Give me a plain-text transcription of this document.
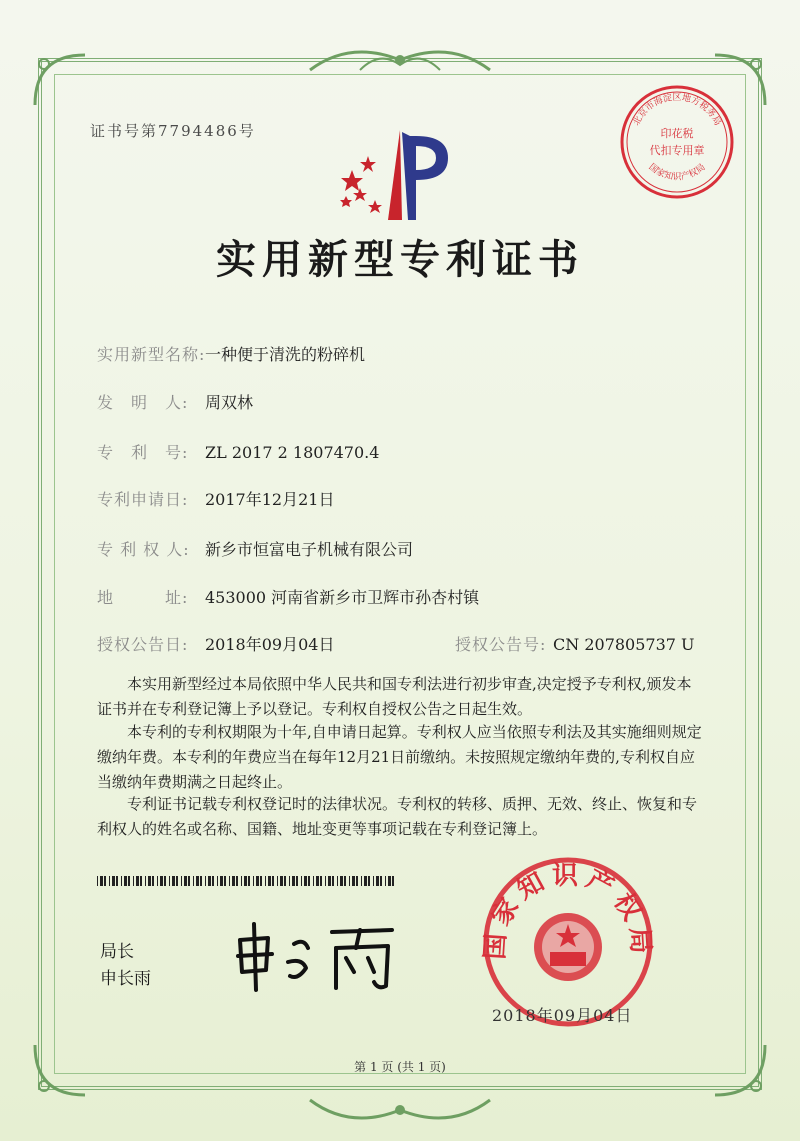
证书号第7794486号	印花税
代扣专用章
北京市海淀区地方税务局
国家知识产权局
实用新型专利证书
实用新型名称:一种便于清洗的粉碎机
发　明　人: 周双林
专　利　号: ZL 2017 2 1807470.4
专利申请日: 2017年12月21日
专 利 权 人: 新乡市恒富电子机械有限公司
地　　　址: 453000 河南省新乡市卫辉市孙杏村镇
授权公告日: 2018年09月04日	授权公告号: CN 207805737 U
本实用新型经过本局依照中华人民共和国专利法进行初步审查,决定授予专利权,颁发本证书并在专利登记簿上予以登记。专利权自授权公告之日起生效。
本专利的专利权期限为十年,自申请日起算。专利权人应当依照专利法及其实施细则规定缴纳年费。本专利的年费应当在每年12月21日前缴纳。未按照规定缴纳年费的,专利权自应当缴纳年费期满之日起终止。
专利证书记载专利权登记时的法律状况。专利权的转移、质押、无效、终止、恢复和专利权人的姓名或名称、国籍、地址变更等事项记载在专利登记簿上。
局长
申长雨
国家知识产权局
2018年09月04日
第 1 页 (共 1 页)
